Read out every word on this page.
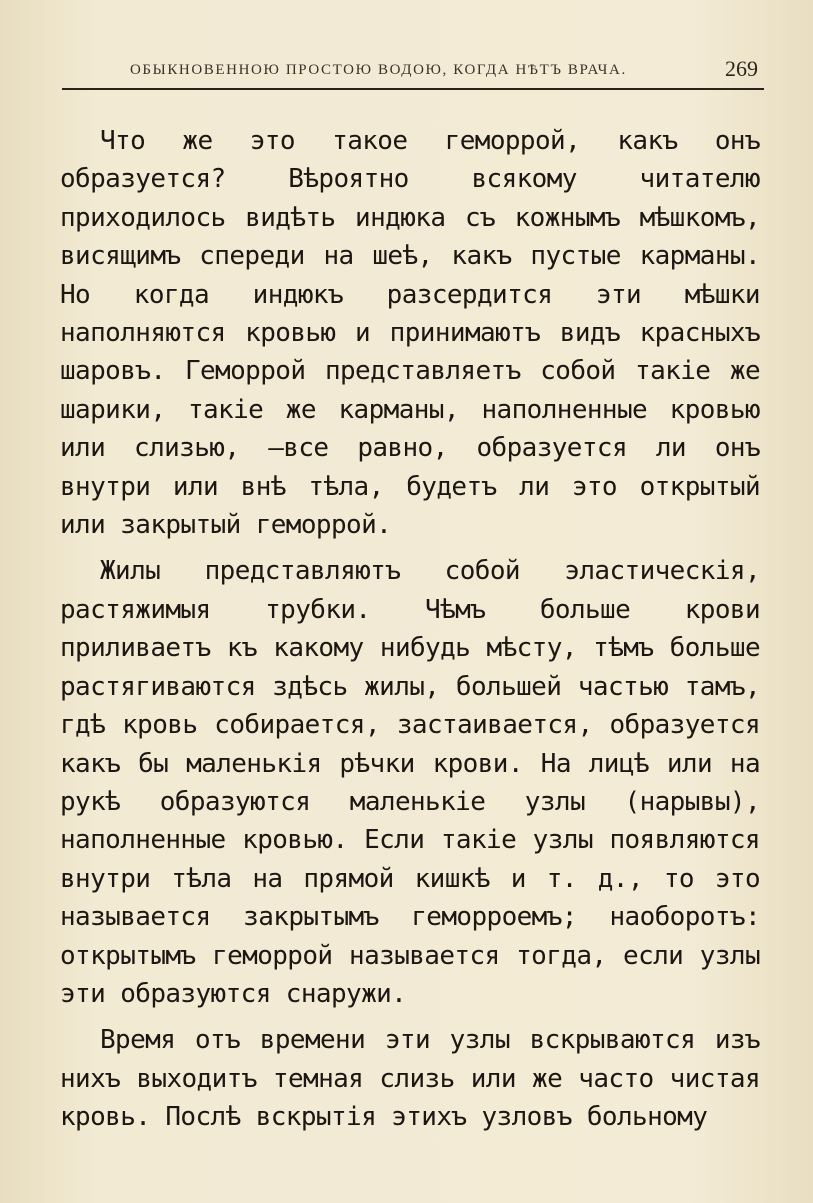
ОБЫКНОВЕННОЮ ПРОСТОЮ ВОДОЮ, КОГДА НѢТЪ ВРАЧА.	269

Что же это такое геморрой, какъ онъ образуется? Вѣроятно всякому читателю приходилось видѣть индюка съ кожнымъ мѣшкомъ, висящимъ спереди на шеѣ, какъ пустые карманы. Но когда индюкъ разсердится эти мѣшки наполняются кровью и принимаютъ видъ красныхъ шаровъ. Геморрой представляетъ собой такiе же шарики, такiе же карманы, наполненные кровью или слизью, —все равно, образуется ли онъ внутри или внѣ тѣла, будетъ ли это открытый или закрытый геморрой.

Жилы представляютъ собой эластическiя, растяжимыя трубки. Чѣмъ больше крови приливаетъ къ какому нибудь мѣсту, тѣмъ больше растягиваются здѣсь жилы, большей частью тамъ, гдѣ кровь собирается, застаивается, образуется какъ бы маленькiя рѣчки крови. На лицѣ или на рукѣ образуются маленькiе узлы (нарывы), наполненные кровью. Если такiе узлы появляются внутри тѣла на прямой кишкѣ и т. д., то это называется закрытымъ геморроемъ; наоборотъ: открытымъ геморрой называется тогда, если узлы эти образуются снаружи.

Время отъ времени эти узлы вскрываются изъ нихъ выходитъ темная слизь или же часто чистая кровь. Послѣ вскрытiя этихъ узловъ больному
